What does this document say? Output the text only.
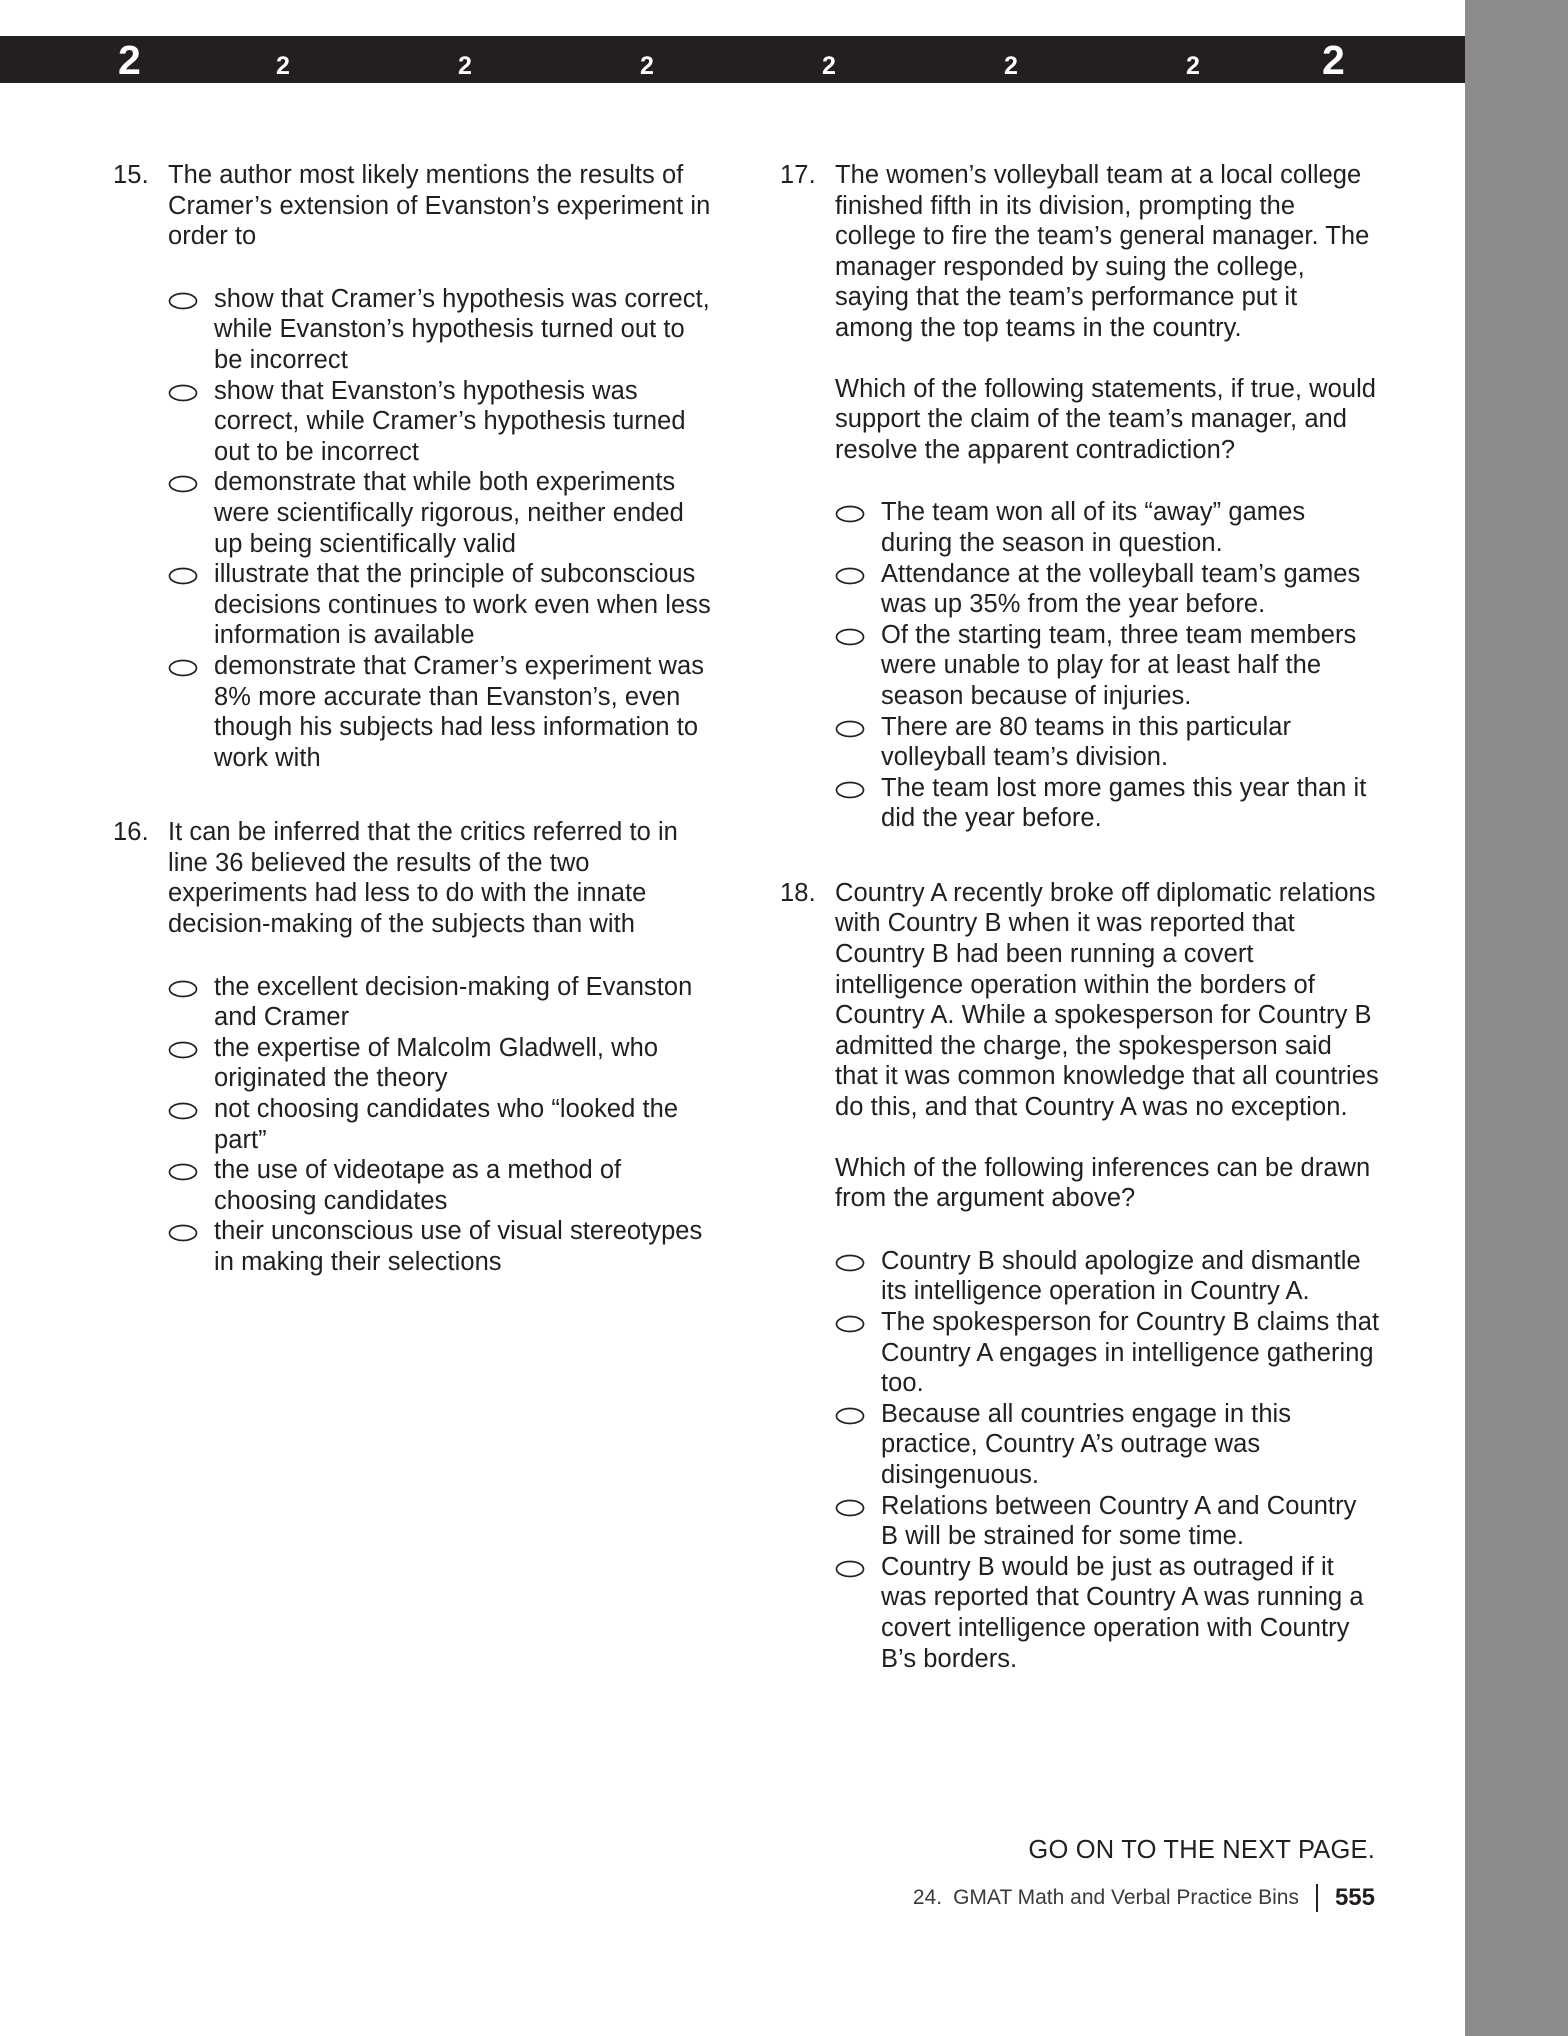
2	2	2	2	2	2	2	2
15. The author most likely mentions the results of Cramer’s extension of Evanston’s experiment in order to
show that Cramer’s hypothesis was correct, while Evanston’s hypothesis turned out to be incorrect
show that Evanston’s hypothesis was correct, while Cramer’s hypothesis turned out to be incorrect
demonstrate that while both experiments were scientifically rigorous, neither ended up being scientifically valid
illustrate that the principle of subconscious decisions continues to work even when less information is available
demonstrate that Cramer’s experiment was 8% more accurate than Evanston’s, even though his subjects had less information to work with
16. It can be inferred that the critics referred to in line 36 believed the results of the two experiments had less to do with the innate decision-making of the subjects than with
the excellent decision-making of Evanston and Cramer
the expertise of Malcolm Gladwell, who originated the theory
not choosing candidates who “looked the part”
the use of videotape as a method of choosing candidates
their unconscious use of visual stereotypes in making their selections
17. The women’s volleyball team at a local college finished fifth in its division, prompting the college to fire the team’s general manager. The manager responded by suing the college, saying that the team’s performance put it among the top teams in the country.
Which of the following statements, if true, would support the claim of the team’s manager, and resolve the apparent contradiction?
The team won all of its “away” games during the season in question.
Attendance at the volleyball team’s games was up 35% from the year before.
Of the starting team, three team members were unable to play for at least half the season because of injuries.
There are 80 teams in this particular volleyball team’s division.
The team lost more games this year than it did the year before.
18. Country A recently broke off diplomatic relations with Country B when it was reported that Country B had been running a covert intelligence operation within the borders of Country A. While a spokesperson for Country B admitted the charge, the spokesperson said that it was common knowledge that all countries do this, and that Country A was no exception.
Which of the following inferences can be drawn from the argument above?
Country B should apologize and dismantle its intelligence operation in Country A.
The spokesperson for Country B claims that Country A engages in intelligence gathering too.
Because all countries engage in this practice, Country A’s outrage was disingenuous.
Relations between Country A and Country B will be strained for some time.
Country B would be just as outraged if it was reported that Country A was running a covert intelligence operation with Country B’s borders.
GO ON TO THE NEXT PAGE.
24. GMAT Math and Verbal Practice Bins 555
